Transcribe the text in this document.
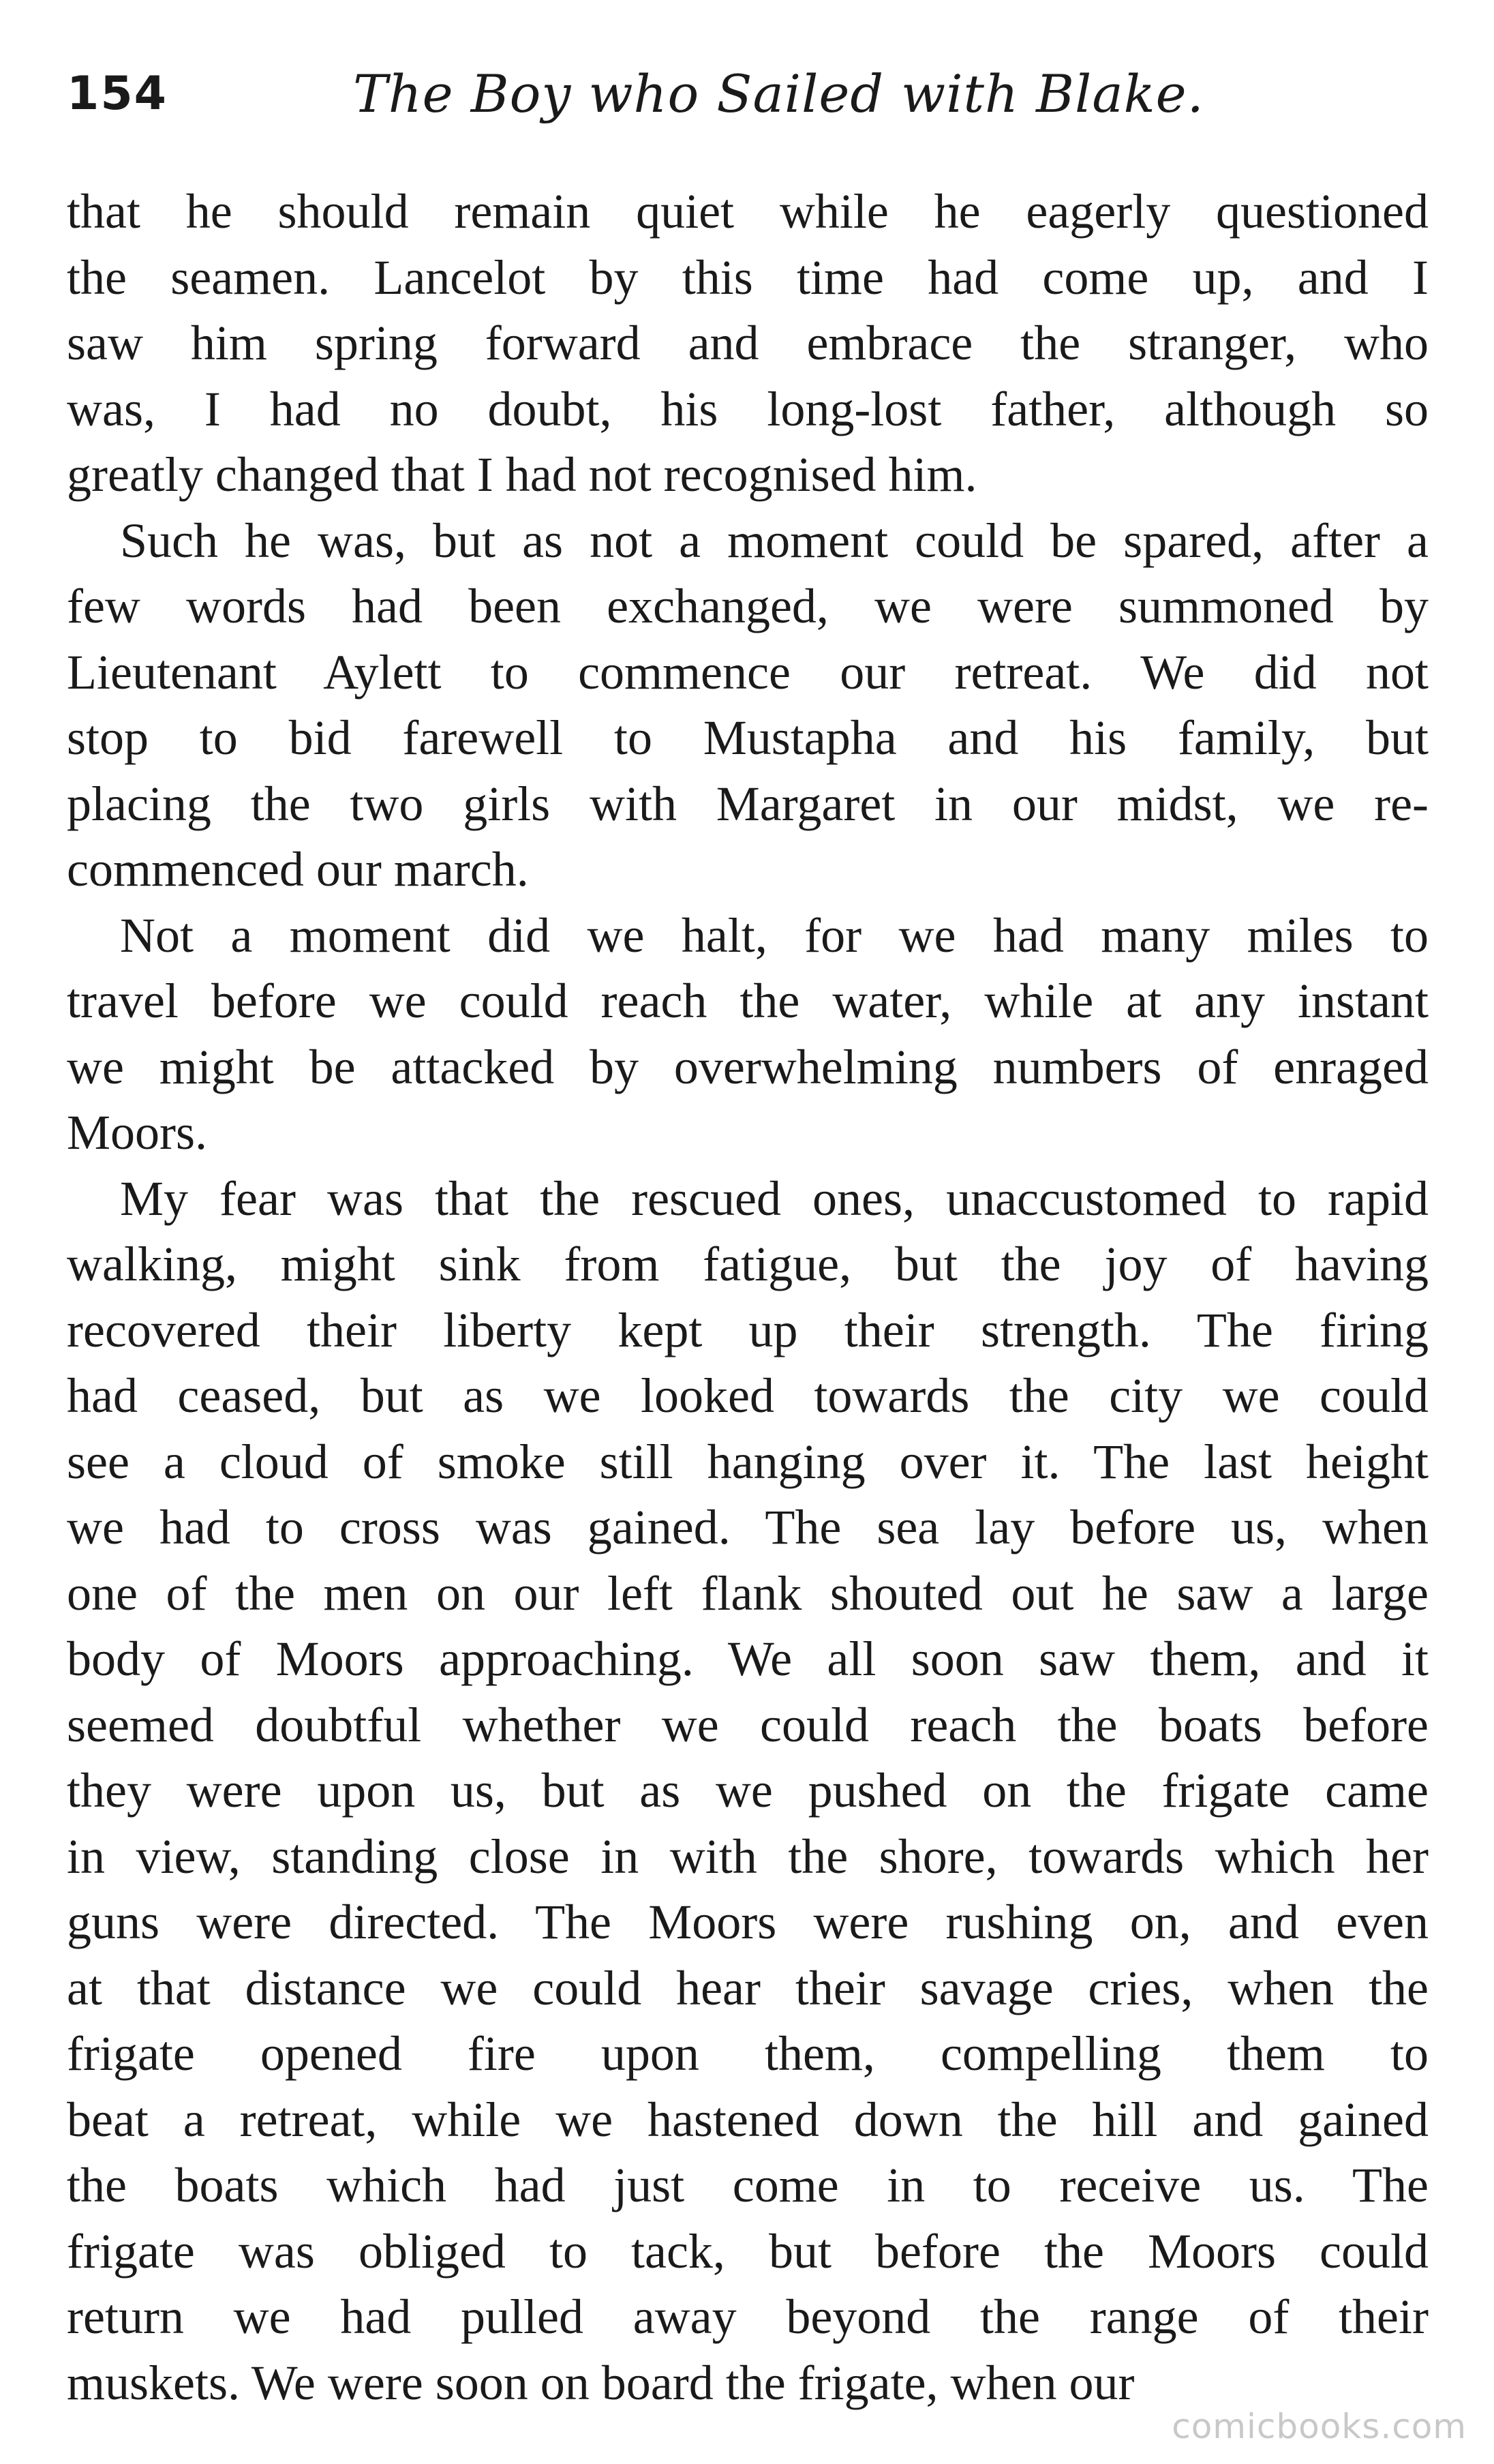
154	The Boy who Sailed with Blake.
that he should remain quiet while he eagerly questioned
the seamen. Lancelot by this time had come up, and I
saw him spring forward and embrace the stranger, who
was, I had no doubt, his long-lost father, although so
greatly changed that I had not recognised him.
Such he was, but as not a moment could be spared, after a
few words had been exchanged, we were summoned by
Lieutenant Aylett to commence our retreat. We did not
stop to bid farewell to Mustapha and his family, but
placing the two girls with Margaret in our midst, we re-
commenced our march.
Not a moment did we halt, for we had many miles to
travel before we could reach the water, while at any instant
we might be attacked by overwhelming numbers of enraged
Moors.
My fear was that the rescued ones, unaccustomed to rapid
walking, might sink from fatigue, but the joy of having
recovered their liberty kept up their strength. The firing
had ceased, but as we looked towards the city we could
see a cloud of smoke still hanging over it. The last height
we had to cross was gained. The sea lay before us, when
one of the men on our left flank shouted out he saw a large
body of Moors approaching. We all soon saw them, and it
seemed doubtful whether we could reach the boats before
they were upon us, but as we pushed on the frigate came
in view, standing close in with the shore, towards which her
guns were directed. The Moors were rushing on, and even
at that distance we could hear their savage cries, when the
frigate opened fire upon them, compelling them to
beat a retreat, while we hastened down the hill and gained
the boats which had just come in to receive us. The
frigate was obliged to tack, but before the Moors could
return we had pulled away beyond the range of their
muskets. We were soon on board the frigate, when our
comicbooks.com
